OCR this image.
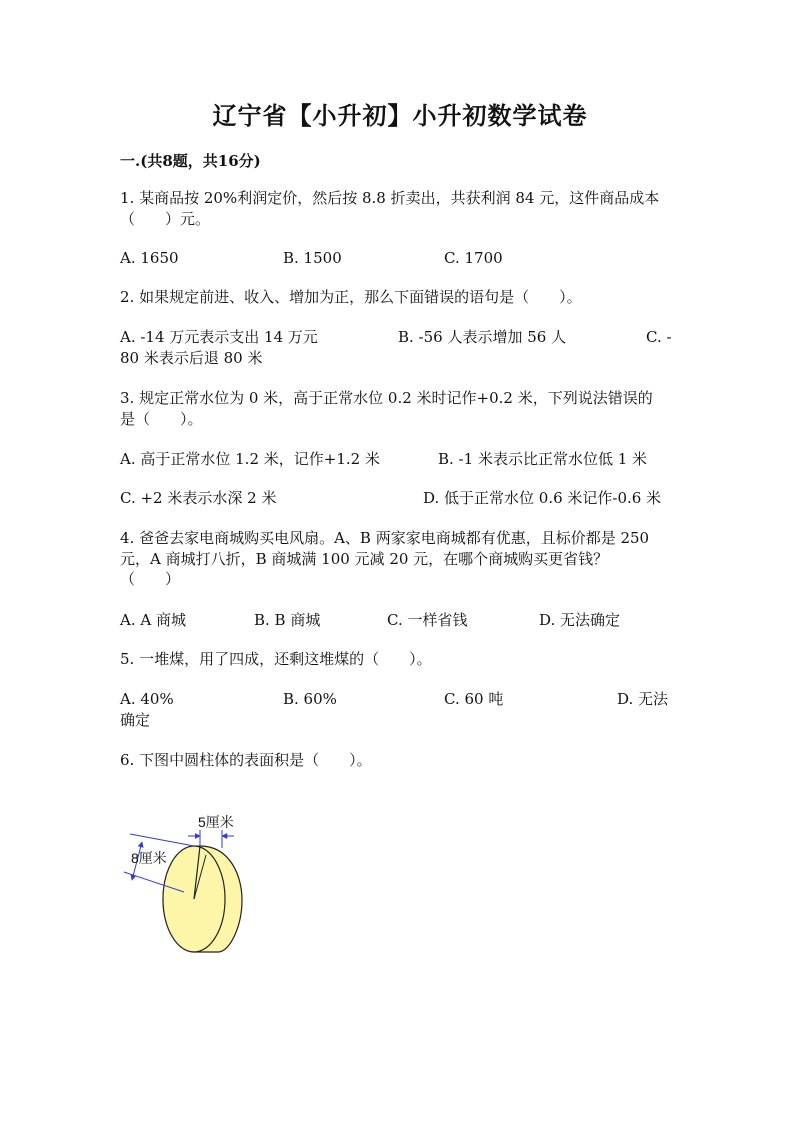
辽宁省【小升初】小升初数学试卷
一.(共8题，共16分)
1. 某商品按 20%利润定价，然后按 8.8 折卖出，共获利润 84 元，这件商品成本
（　　）元。
A. 1650	B. 1500	C. 1700
2. 如果规定前进、收入、增加为正，那么下面错误的语句是（　　）。
A. -14 万元表示支出 14 万元	B. -56 人表示增加 56 人	C. -
80 米表示后退 80 米
3. 规定正常水位为 0 米，高于正常水位 0.2 米时记作+0.2 米，下列说法错误的
是（　　）。
A. 高于正常水位 1.2 米，记作+1.2 米	B. -1 米表示比正常水位低 1 米
C. +2 米表示水深 2 米	D. 低于正常水位 0.6 米记作-0.6 米
4. 爸爸去家电商城购买电风扇。A、B 两家家电商城都有优惠，且标价都是 250
元，A 商城打八折，B 商城满 100 元减 20 元，在哪个商城购买更省钱？
（　　）
A. A 商城	B. B 商城	C. 一样省钱	D. 无法确定
5. 一堆煤，用了四成，还剩这堆煤的（　　）。
A. 40%	B. 60%	C. 60 吨	D. 无法
确定
6. 下图中圆柱体的表面积是（　　）。
5厘米
8厘米
